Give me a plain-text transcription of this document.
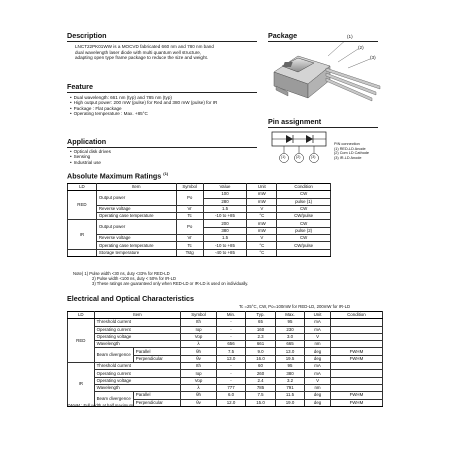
Description
LNCT22PK01WW is a MOCVD fabricated 660 nm and 780 nm band
dual wavelength laser diode with multi quantum well structure,
adapting open type frame package to reduce the size and weight.
Feature
• Dual wavelength: 661 nm (typ) and 785 nm (typ)
• High output power: 200 mW (pulse) for Red and 380 mW (pulse) for IR
• Package : Flat package
• Operating temperature : Max. +85°C
Application
• Optical disk drives
• Sensing
• Industrial use
Package	(1)
(2)
(3)
Pin assignment
(1)	(2)	(3)
PIN connection
(1) RED-LD Anode
(2) Com LD Cathode
(3) IR-LD Anode
Absolute Maximum Ratings $^{(1)}$
LD	Item	Symbol	Value	Unit	Condition
RED	Output power	Po	100	mW	CW
			280	mW	pulse (1)
	Reverse voltage	Vr	1.5	V	CW
	Operating case temperature	Tc	-10 to +85	°C	CW/pulse
IR	Output power	Po	200	mW	CW
			380	mW	pulse (2)
	Reverse voltage	Vr	1.5	V	CW
	Operating case temperature	Tc	-10 to +85	°C	CW/pulse
	Storage temperature	Tstg	-40 to +85	°C	
Note) 1) Pulse width <30 ns, duty <33% for RED-LD
2) Pulse width <100 ns, duty < 50% for IR-LD
3) These ratings are guaranteed only when RED-LD or IR-LD is used on individually.
Electrical and Optical Characteristics
Tc =25°C, CW, Po=100mW for RED-LD, 200mW for IR-LD
LD	Item		Symbol	Min.	Typ.	Max.	Unit	Condition
RED	Threshold current		Ith	-	65	95	mA	
	Operating current		Iop	-	160	230	mA	
	Operating voltage		Vop	-	2.3	3.0	V	
	Wavelength		λ	656	661	665	nm	
	Beam divergence	Parallel	θh	7.5	9.0	13.0	deg	FWHM
		Perpendicular	θv	13.0	16.0	19.5	deg	FWHM
IR	Threshold current		Ith	-	60	95	mA	
	Operating current		Iop	-	260	380	mA	
	Operating voltage		Vop	-	2.4	3.2	V	
	Wavelength		λ	777	785	791	nm	
	Beam divergence	Parallel	θh	6.0	7.5	11.5	deg	FWHM
		Perpendicular	θv	12.0	15.0	19.0	deg	FWHM
FWHM : Full width at half maximum
